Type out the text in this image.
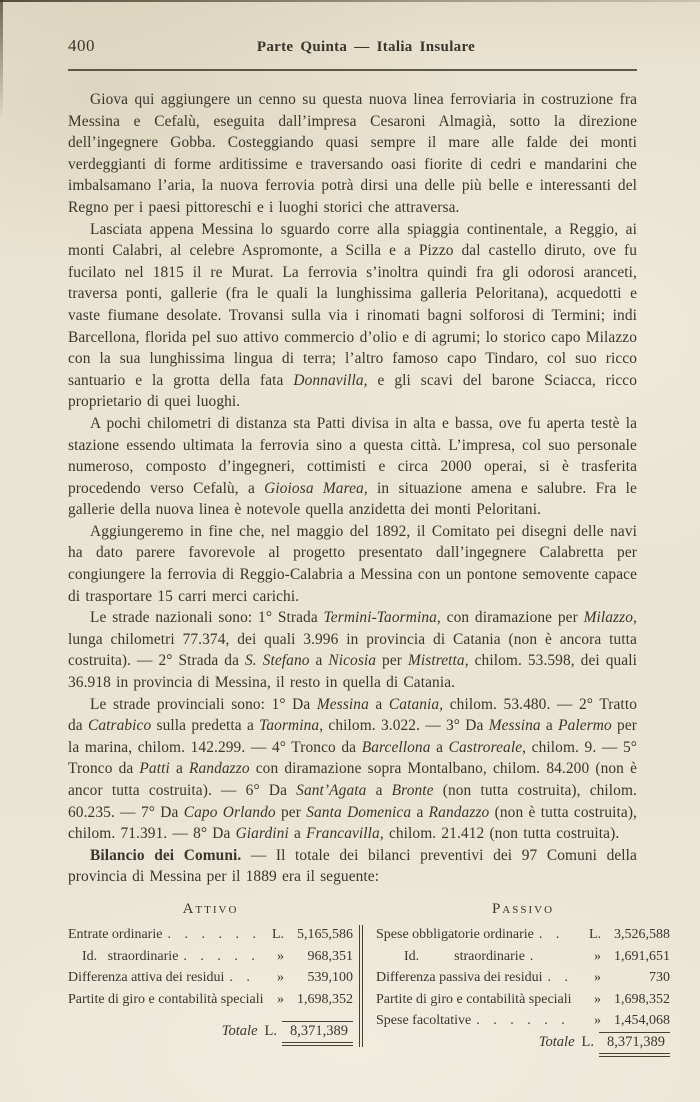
400	Parte Quinta — Italia Insulare

Giova qui aggiungere un cenno su questa nuova linea ferroviaria in costruzione fra Messina e Cefalù, eseguita dall’impresa Cesaroni Almagià, sotto la direzione dell’ingegnere Gobba. Costeggiando quasi sempre il mare alle falde dei monti verdeggianti di forme arditissime e traversando oasi fiorite di cedri e mandarini che imbalsamano l’aria, la nuova ferrovia potrà dirsi una delle più belle e interessanti del Regno per i paesi pittoreschi e i luoghi storici che attraversa.

Lasciata appena Messina lo sguardo corre alla spiaggia continentale, a Reggio, ai monti Calabri, al celebre Aspromonte, a Scilla e a Pizzo dal castello diruto, ove fu fucilato nel 1815 il re Murat. La ferrovia s’inoltra quindi fra gli odorosi aranceti, traversa ponti, gallerie (fra le quali la lunghissima galleria Peloritana), acquedotti e vaste fiumane desolate. Trovansi sulla via i rinomati bagni solforosi di Termini; indi Barcellona, florida pel suo attivo commercio d’olio e di agrumi; lo storico capo Milazzo con la sua lunghissima lingua di terra; l’altro famoso capo Tindaro, col suo ricco santuario e la grotta della fata Donnavilla, e gli scavi del barone Sciacca, ricco proprietario di quei luoghi.

A pochi chilometri di distanza sta Patti divisa in alta e bassa, ove fu aperta testè la stazione essendo ultimata la ferrovia sino a questa città. L’impresa, col suo personale numeroso, composto d’ingegneri, cottimisti e circa 2000 operai, si è trasferita procedendo verso Cefalù, a Gioiosa Marea, in situazione amena e salubre. Fra le gallerie della nuova linea è notevole quella anzidetta dei monti Peloritani.

Aggiungeremo in fine che, nel maggio del 1892, il Comitato pei disegni delle navi ha dato parere favorevole al progetto presentato dall’ingegnere Calabretta per congiungere la ferrovia di Reggio-Calabria a Messina con un pontone semovente capace di trasportare 15 carri merci carichi.

Le strade nazionali sono: 1° Strada Termini-Taormina, con diramazione per Milazzo, lunga chilometri 77.374, dei quali 3.996 in provincia di Catania (non è ancora tutta costruita). — 2° Strada da S. Stefano a Nicosia per Mistretta, chilom. 53.598, dei quali 36.918 in provincia di Messina, il resto in quella di Catania.

Le strade provinciali sono: 1° Da Messina a Catania, chilom. 53.480. — 2° Tratto da Catrabico sulla predetta a Taormina, chilom. 3.022. — 3° Da Messina a Palermo per la marina, chilom. 142.299. — 4° Tronco da Barcellona a Castroreale, chilom. 9. — 5° Tronco da Patti a Randazzo con diramazione sopra Montalbano, chilom. 84.200 (non è ancor tutta costruita). — 6° Da Sant’Agata a Bronte (non tutta costruita), chilom. 60.235. — 7° Da Capo Orlando per Santa Domenica a Randazzo (non è tutta costruita), chilom. 71.391. — 8° Da Giardini a Francavilla, chilom. 21.412 (non tutta costruita).

Bilancio dei Comuni. — Il totale dei bilanci preventivi dei 97 Comuni della provincia di Messina per il 1889 era il seguente:

Attivo
Entrate ordinarie . . . . . . L. 5,165,586
Id.   straordinarie . . . . .	»	968,351
Differenza attiva dei residui . .	»	539,100
Partite di giro e contabilità speciali » 1,698,352
Totale L. 8,371,389
Passivo
Spese obbligatorie ordinarie . .	L. 3,526,588
Id.          straordinarie .	» 1,691,651
Differenza passiva dei residui . .	»	730
Partite di giro e contabilità speciali » 1,698,352
Spese facoltative . . . . . .	» 1,454,068
Totale L. 8,371,389
